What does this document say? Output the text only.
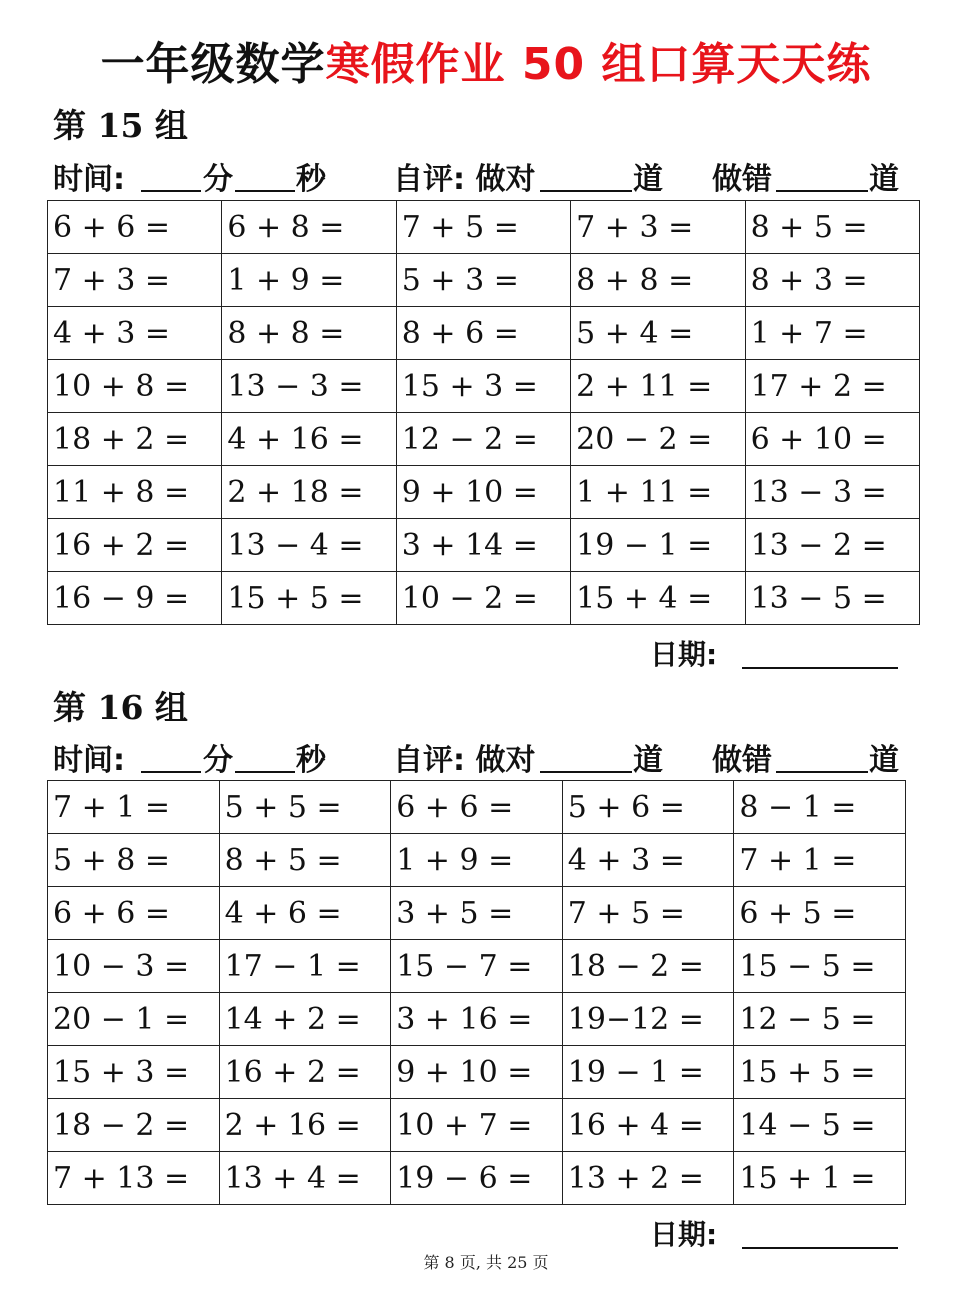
一年级数学寒假作业 50 组口算天天练
第 15 组
时间:	分 秒 自评: 做对	道 做错	道
6 + 6 =	6 + 8 =	7 + 5 =	7 + 3 =	8 + 5 =
7 + 3 =	1 + 9 =	5 + 3 =	8 + 8 =	8 + 3 =
4 + 3 =	8 + 8 =	8 + 6 =	5 + 4 =	1 + 7 =
10 + 8 =	13 − 3 =	15 + 3 =	2 + 11 =	17 + 2 =
18 + 2 =	4 + 16 =	12 − 2 =	20 − 2 =	6 + 10 =
11 + 8 =	2 + 18 =	9 + 10 =	1 + 11 =	13 − 3 =
16 + 2 =	13 − 4 =	3 + 14 =	19 − 1 =	13 − 2 =
16 − 9 =	15 + 5 =	10 − 2 =	15 + 4 =	13 − 5 =
日期:
第 16 组
时间:	分 秒 自评: 做对	道 做错	道
7 + 1 =	5 + 5 =	6 + 6 =	5 + 6 =	8 − 1 =
5 + 8 =	8 + 5 =	1 + 9 =	4 + 3 =	7 + 1 =
6 + 6 =	4 + 6 =	3 + 5 =	7 + 5 =	6 + 5 =
10 − 3 =	17 − 1 =	15 − 7 =	18 − 2 =	15 − 5 =
20 − 1 =	14 + 2 =	3 + 16 =	19−12 =	12 − 5 =
15 + 3 =	16 + 2 =	9 + 10 =	19 − 1 =	15 + 5 =
18 − 2 =	2 + 16 =	10 + 7 =	16 + 4 =	14 − 5 =
7 + 13 =	13 + 4 =	19 − 6 =	13 + 2 =	15 + 1 =
日期:
第 8 页, 共 25 页
